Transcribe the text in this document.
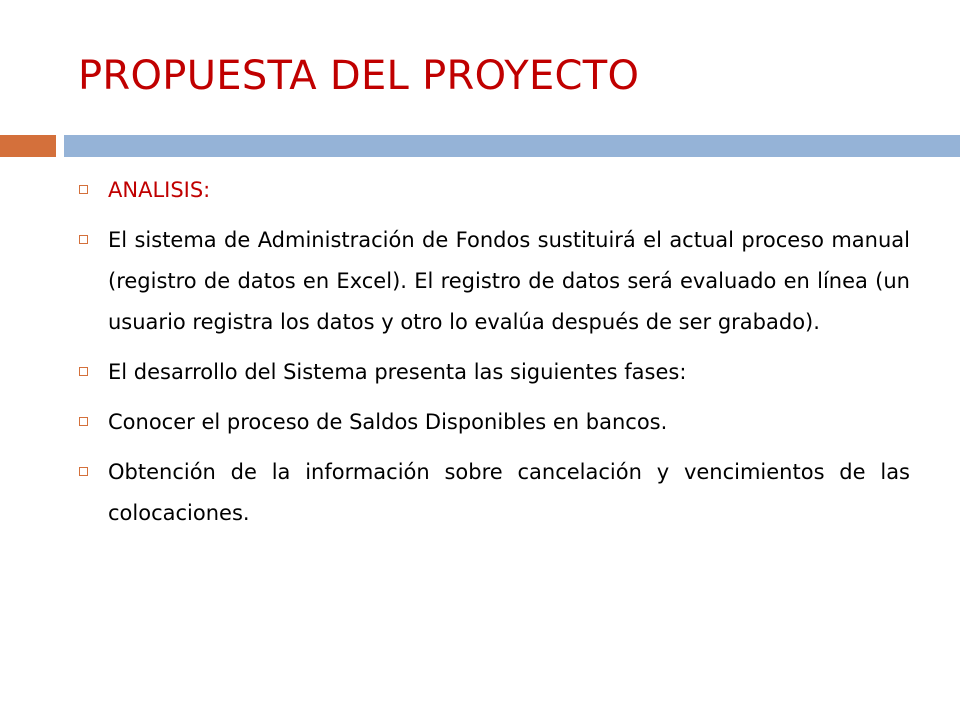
PROPUESTA DEL PROYECTO
ANALISIS:
El sistema de Administración de Fondos sustituirá el actual proceso manual (registro de datos en Excel). El registro de datos será evaluado en línea (un usuario registra los datos y otro lo evalúa después de ser grabado).
El desarrollo del Sistema presenta las siguientes fases:
Conocer el proceso de Saldos Disponibles en bancos.
Obtención de la información sobre cancelación y vencimientos de las colocaciones.
